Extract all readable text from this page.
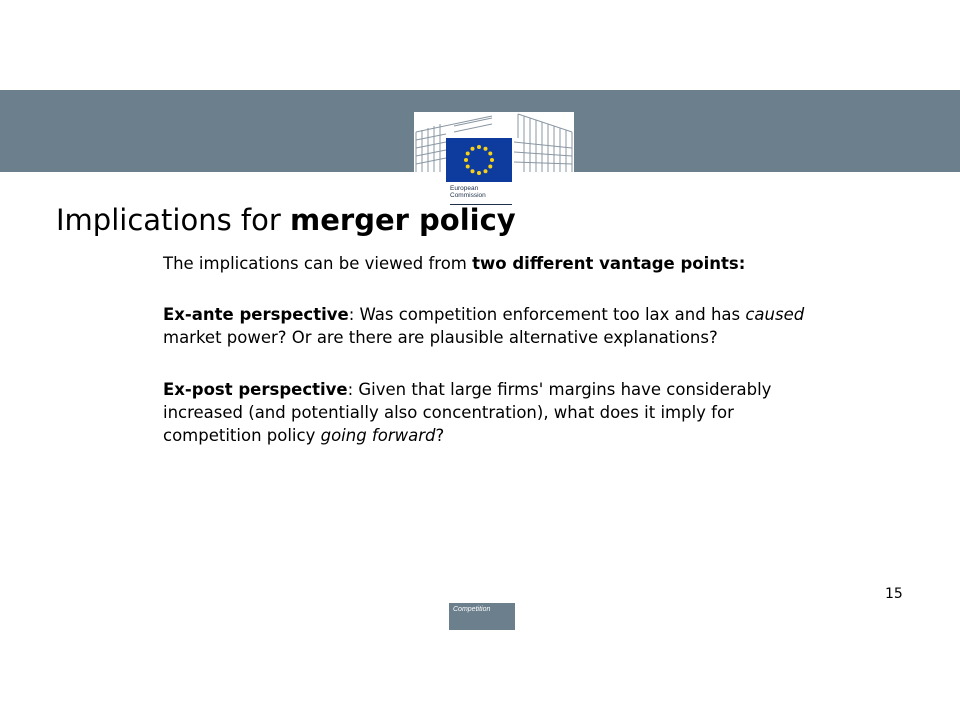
European
Commission
Implications for merger policy

The implications can be viewed from two different vantage points:

Ex-ante perspective: Was competition enforcement too lax and has caused market power? Or are there are plausible alternative explanations?

Ex-post perspective: Given that large firms' margins have considerably increased (and potentially also concentration), what does it imply for competition policy going forward?

15
Competition
